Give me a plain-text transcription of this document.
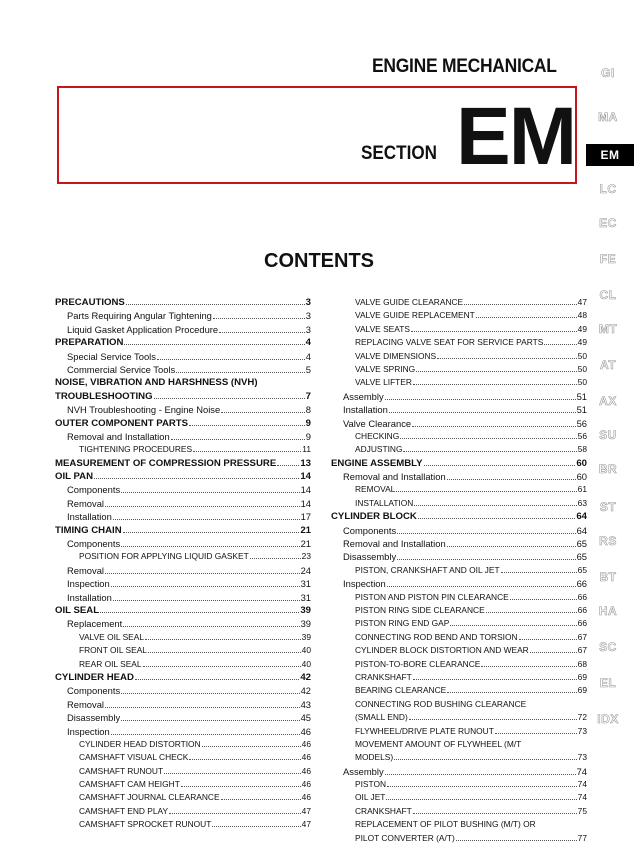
ENGINE MECHANICAL
SECTION EM
GI
MA
EM
LC
EC
FE
CL
MT
AT
AX
SU
BR
ST
RS
BT
HA
SC
EL
IDX
CONTENTS
PRECAUTIONS	3
Parts Requiring Angular Tightening	3
Liquid Gasket Application Procedure	3
PREPARATION	4
Special Service Tools	4
Commercial Service Tools	5
NOISE, VIBRATION AND HARSHNESS (NVH)
TROUBLESHOOTING	7
NVH Troubleshooting - Engine Noise	8
OUTER COMPONENT PARTS	9
Removal and Installation	9
TIGHTENING PROCEDURES	11
MEASUREMENT OF COMPRESSION PRESSURE	13
OIL PAN	14
Components	14
Removal	14
Installation	17
TIMING CHAIN	21
Components	21
POSITION FOR APPLYING LIQUID GASKET	23
Removal	24
Inspection	31
Installation	31
OIL SEAL	39
Replacement	39
VALVE OIL SEAL	39
FRONT OIL SEAL	40
REAR OIL SEAL	40
CYLINDER HEAD	42
Components	42
Removal	43
Disassembly	45
Inspection	46
CYLINDER HEAD DISTORTION	46
CAMSHAFT VISUAL CHECK	46
CAMSHAFT RUNOUT	46
CAMSHAFT CAM HEIGHT	46
CAMSHAFT JOURNAL CLEARANCE	46
CAMSHAFT END PLAY	47
CAMSHAFT SPROCKET RUNOUT	47
VALVE GUIDE CLEARANCE	47
VALVE GUIDE REPLACEMENT	48
VALVE SEATS	49
REPLACING VALVE SEAT FOR SERVICE PARTS	49
VALVE DIMENSIONS	50
VALVE SPRING	50
VALVE LIFTER	50
Assembly	51
Installation	51
Valve Clearance	56
CHECKING	56
ADJUSTING	58
ENGINE ASSEMBLY	60
Removal and Installation	60
REMOVAL	61
INSTALLATION	63
CYLINDER BLOCK	64
Components	64
Removal and Installation	65
Disassembly	65
PISTON, CRANKSHAFT AND OIL JET	65
Inspection	66
PISTON AND PISTON PIN CLEARANCE	66
PISTON RING SIDE CLEARANCE	66
PISTON RING END GAP	66
CONNECTING ROD BEND AND TORSION	67
CYLINDER BLOCK DISTORTION AND WEAR	67
PISTON-TO-BORE CLEARANCE	68
CRANKSHAFT	69
BEARING CLEARANCE	69
CONNECTING ROD BUSHING CLEARANCE
(SMALL END)	72
FLYWHEEL/DRIVE PLATE RUNOUT	73
MOVEMENT AMOUNT OF FLYWHEEL (M/T
MODELS)	73
Assembly	74
PISTON	74
OIL JET	74
CRANKSHAFT	75
REPLACEMENT OF PILOT BUSHING (M/T) OR
PILOT CONVERTER (A/T)	77
